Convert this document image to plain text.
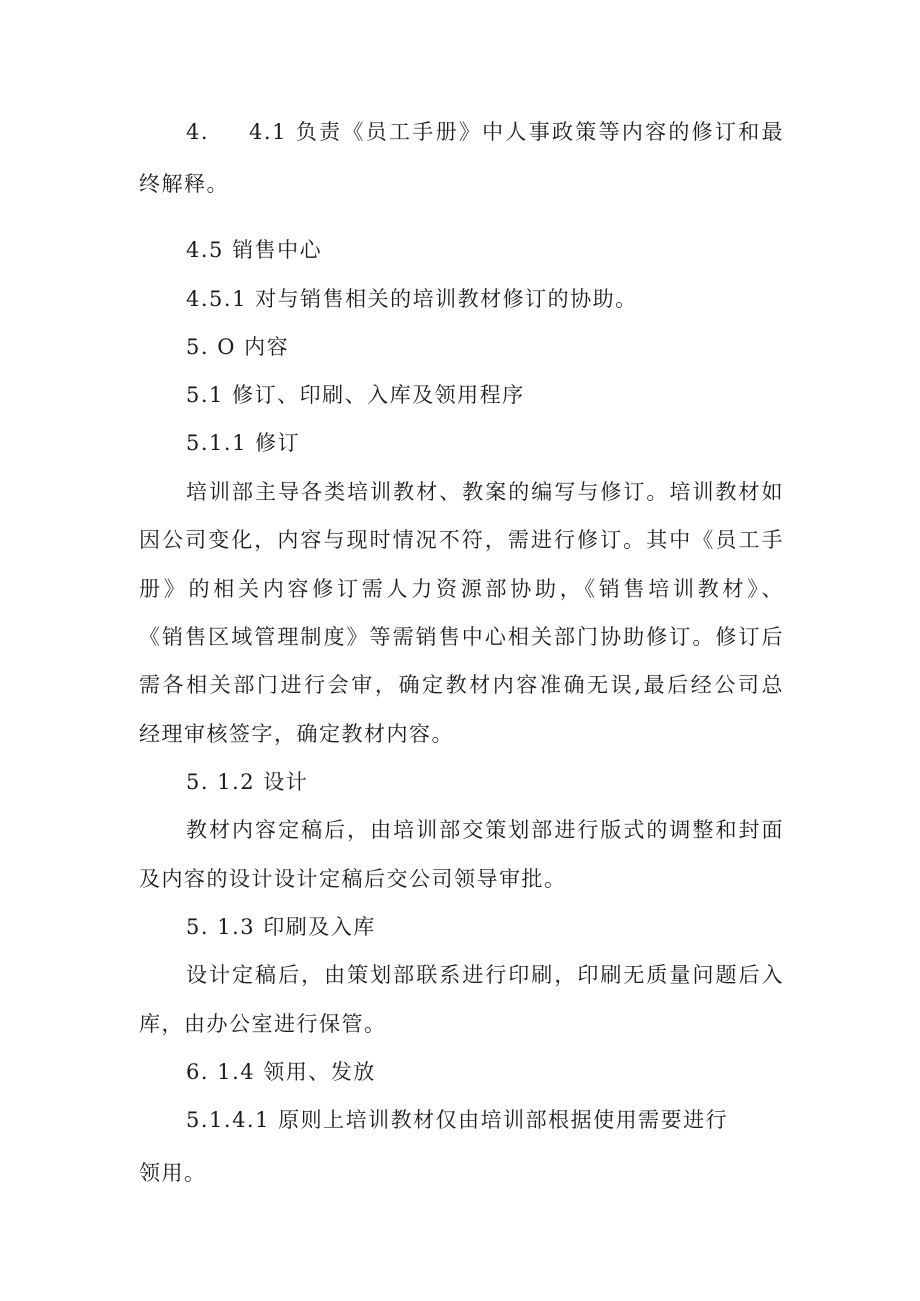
4. 4.1 负责《员工手册》中人事政策等内容的修订和最
终解释。
4.5 销售中心
4.5.1 对与销售相关的培训教材修订的协助。
5. O 内容
5.1 修订、印刷、入库及领用程序
5.1.1 修订
培训部主导各类培训教材、教案的编写与修订。培训教材如
因公司变化，内容与现时情况不符，需进行修订。其中《员工手
册》的相关内容修订需人力资源部协助，《销售培训教材》、
《销售区域管理制度》等需销售中心相关部门协助修订。修订后
需各相关部门进行会审，确定教材内容准确无误,最后经公司总
经理审核签字，确定教材内容。
5. 1.2 设计
教材内容定稿后，由培训部交策划部进行版式的调整和封面
及内容的设计设计定稿后交公司领导审批。
5. 1.3 印刷及入库
设计定稿后，由策划部联系进行印刷，印刷无质量问题后入
库，由办公室进行保管。
6. 1.4 领用、发放
5.1.4.1 原则上培训教材仅由培训部根据使用需要进行
领用。
